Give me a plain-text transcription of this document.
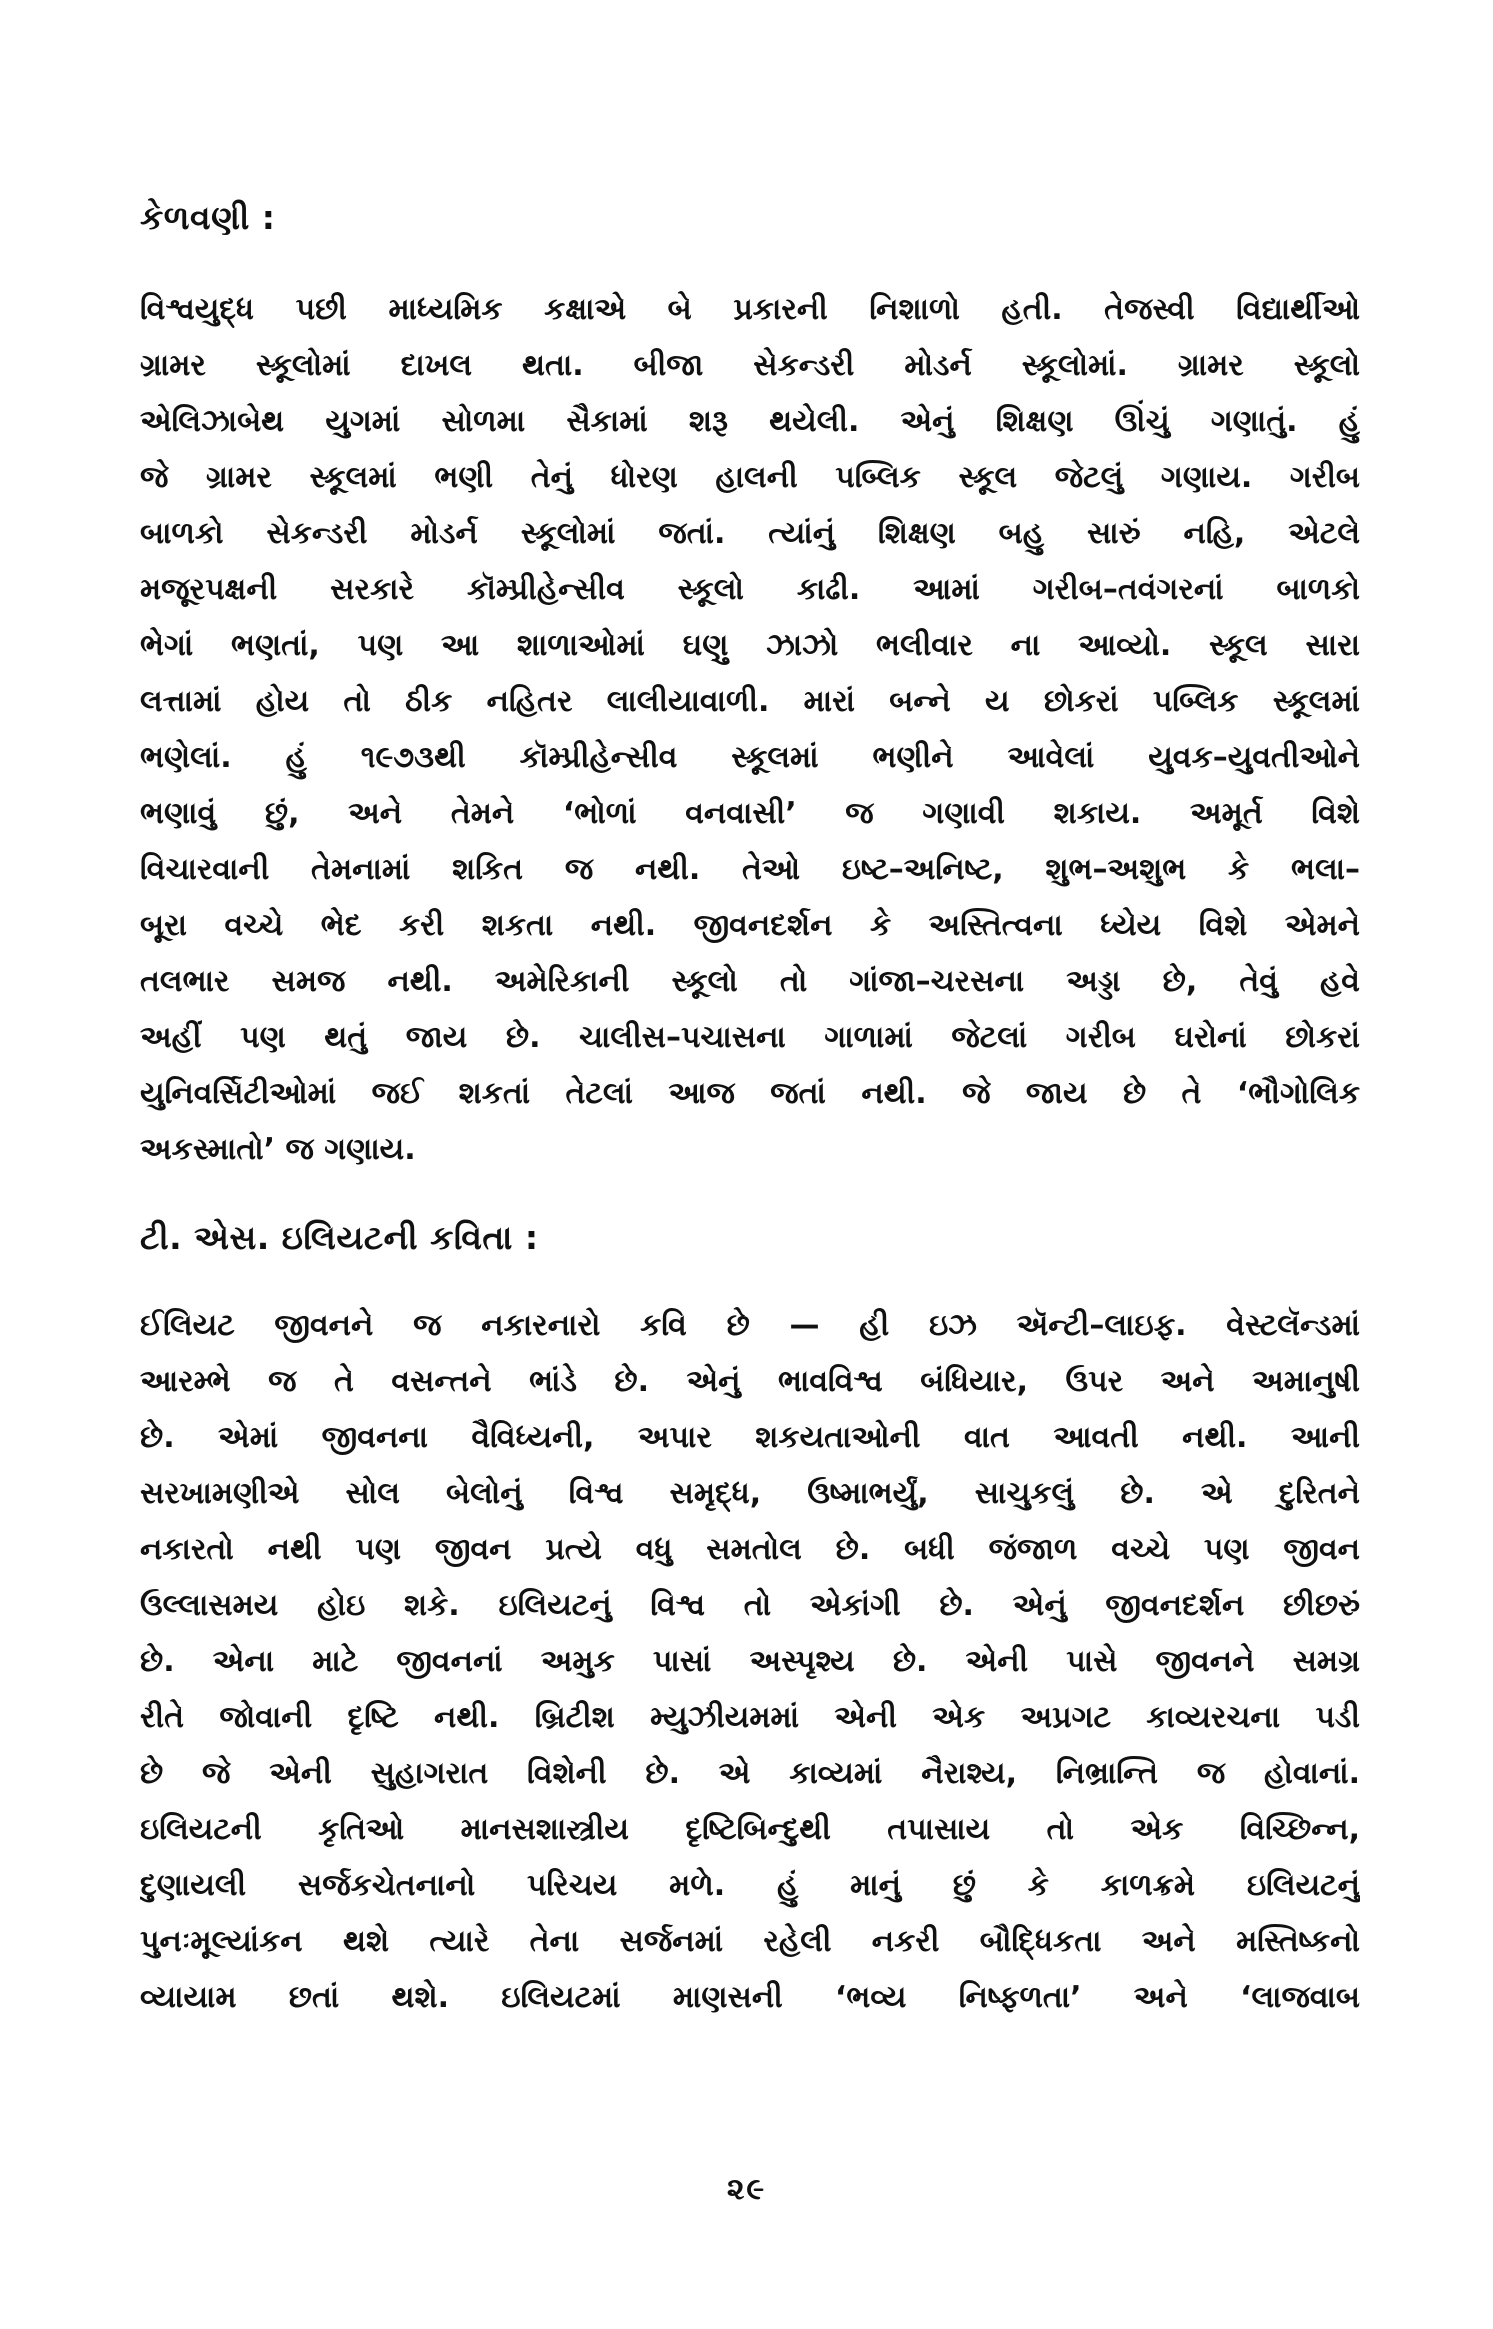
કેળવણી :
વિશ્વયુદ્ધ પછી માધ્યમિક કક્ષાએ બે પ્રકારની નિશાળો હતી. તેજસ્વી વિદ્યાર્થીઓ
ગ્રામર સ્કૂલોમાં દાખલ થતા. બીજા સેકન્ડરી મોડર્ન સ્કૂલોમાં. ગ્રામર સ્કૂલો
એલિઝાબેથ યુગમાં સોળમા સૈકામાં શરૂ થયેલી. એનું શિક્ષણ ઊંચું ગણાતું. હું
જે ગ્રામર સ્કૂલમાં ભણી તેનું ધોરણ હાલની પબ્લિક સ્કૂલ જેટલું ગણાય. ગરીબ
બાળકો સેકન્ડરી મોડર્ન સ્કૂલોમાં જતાં. ત્યાંનું શિક્ષણ બહુ સારું નહિ, એટલે
મજૂરપક્ષની સરકારે કૉમ્પ્રીહેન્સીવ સ્કૂલો કાઢી. આમાં ગરીબ–તવંગરનાં બાળકો
ભેગાં ભણતાં, પણ આ શાળાઓમાં ઘણુ ઝાઝો ભલીવાર ના આવ્યો. સ્કૂલ સારા
લત્તામાં હોય તો ઠીક નહિતર લાલીયાવાળી. મારાં બન્ને ય છોકરાં પબ્લિક સ્કૂલમાં
ભણેલાં. હું ૧૯૭૩થી કૉમ્પ્રીહેન્સીવ સ્કૂલમાં ભણીને આવેલાં યુવક–યુવતીઓને
ભણાવું છું, અને તેમને ‘ભોળાં વનવાસી’ જ ગણાવી શકાય. અમૂર્ત વિશે
વિચારવાની તેમનામાં શકિત જ નથી. તેઓ ઇષ્ટ–અનિષ્ટ, શુભ–અશુભ કે ભલા–
બૂરા વચ્ચે ભેદ કરી શકતા નથી. જીવનદર્શન કે અસ્તિત્વના ધ્યેય વિશે એમને
તલભાર સમજ નથી. અમેરિકાની સ્કૂલો તો ગાંજા–ચરસના અડ્ડા છે, તેવું હવે
અહીં પણ થતું જાય છે. ચાલીસ–પચાસના ગાળામાં જેટલાં ગરીબ ઘરોનાં છોકરાં
યુનિવર્સિટીઓમાં જઈ શકતાં તેટલાં આજ જતાં નથી. જે જાય છે તે ‘ભૌગોલિક
અકસ્માતો’ જ ગણાય.
ટી. એસ. ઇલિયટની કવિતા :
ઈલિયટ જીવનને જ નકારનારો કવિ છે — હી ઇઝ ઍન્ટી–લાઇફ. વેસ્ટલૅન્ડમાં
આરમ્ભે જ તે વસન્તને ભાંડે છે. એનું ભાવવિશ્વ બંધિયાર, ઉપર અને અમાનુષી
છે. એમાં જીવનના વૈવિધ્યની, અપાર શકયતાઓની વાત આવતી નથી. આની
સરખામણીએ સોલ બેલોનું વિશ્વ સમૃદ્ધ, ઉષ્માભર્યું, સાચુકલું છે. એ દુરિતને
નકારતો નથી પણ જીવન પ્રત્યે વધુ સમતોલ છે. બધી જંજાળ વચ્ચે પણ જીવન
ઉલ્લાસમય હોઇ શકે. ઇલિયટનું વિશ્વ તો એકાંગી છે. એનું જીવનદર્શન છીછરું
છે. એના માટે જીવનનાં અમુક પાસાં અસ્પૃશ્ય છે. એની પાસે જીવનને સમગ્ર
રીતે જોવાની દૃષ્ટિ નથી. બ્રિટીશ મ્યુઝીયમમાં એની એક અપ્રગટ કાવ્યરચના પડી
છે જે એની સુહાગરાત વિશેની છે. એ કાવ્યમાં નૈરાશ્ય, નિભ્રાન્તિ જ હોવાનાં.
ઇલિયટની કૃતિઓ માનસશાસ્ત્રીય દૃષ્ટિબિન્દુથી તપાસાય તો એક વિચ્છિન્ન,
દુણાયલી સર્જકચેતનાનો પરિચય મળે. હું માનું છું કે કાળક્રમે ઇલિયટનું
પુનઃમૂલ્યાંકન થશે ત્યારે તેના સર્જનમાં રહેલી નકરી બૌદ્ધિકતા અને મસ્તિષ્કનો
વ્યાયામ છતાં થશે. ઇલિયટમાં માણસની ‘ભવ્ય નિષ્ફળતા’ અને ‘લાજવાબ
૨૯
